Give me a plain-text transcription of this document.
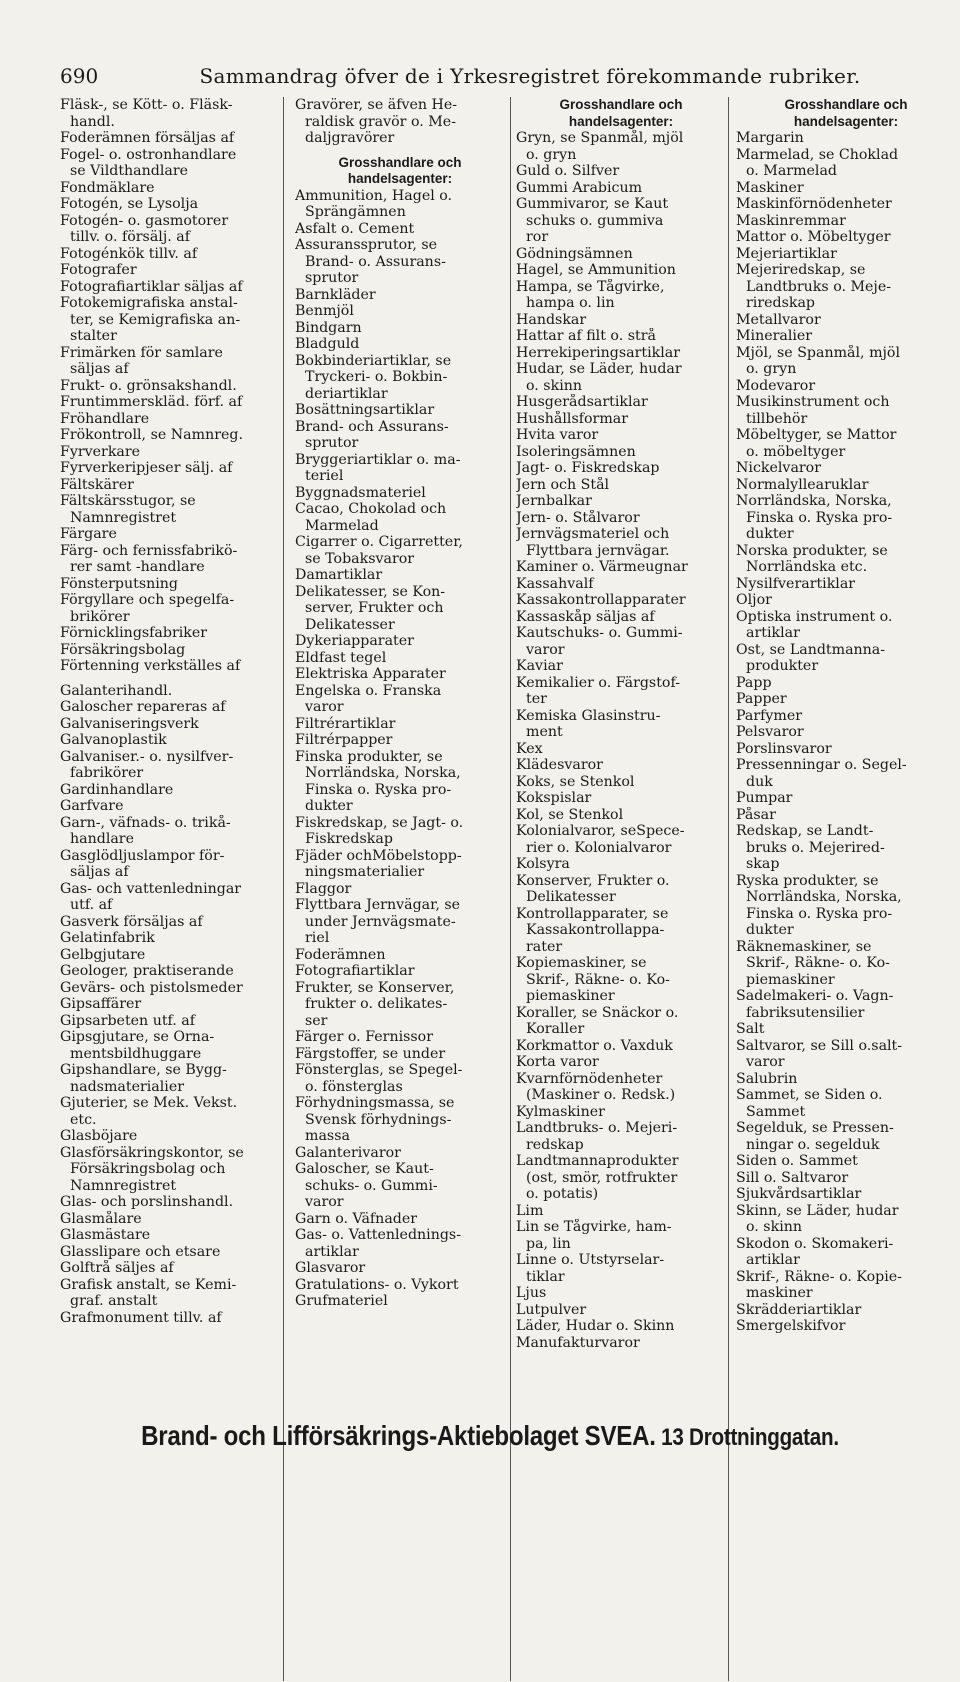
690	Sammandrag öfver de i Yrkesregistret förekommande rubriker.
Fläsk-, se Kött- o. Fläsk-
handl.
Foderämnen försäljas af
Fogel- o. ostronhandlare
se Vildthandlare
Fondmäklare
Fotogén, se Lysolja
Fotogén- o. gasmotorer
tillv. o. försälj. af
Fotogénkök tillv. af
Fotografer
Fotografiartiklar säljas af
Fotokemigrafiska anstal-
ter, se Kemigrafiska an-
stalter
Frimärken för samlare
säljas af
Frukt- o. grönsakshandl.
Fruntimmerskläd. förf. af
Fröhandlare
Frökontroll, se Namnreg.
Fyrverkare
Fyrverkeripjeser sälj. af
Fältskärer
Fältskärsstugor, se
Namnregistret
Färgare
Färg- och fernissfabrikö-
rer samt -handlare
Fönsterputsning
Förgyllare och spegelfa-
brikörer
Förnicklingsfabriker
Försäkringsbolag
Förtenning verkställes af
Galanterihandl.
Galoscher repareras af
Galvaniseringsverk
Galvanoplastik
Galvaniser.- o. nysilfver-
fabrikörer
Gardinhandlare
Garfvare
Garn-, väfnads- o. trikå-
handlare
Gasglödljuslampor för-
säljas af
Gas- och vattenledningar
utf. af
Gasverk försäljas af
Gelatinfabrik
Gelbgjutare
Geologer, praktiserande
Gevärs- och pistolsmeder
Gipsaffärer
Gipsarbeten utf. af
Gipsgjutare, se Orna-
mentsbildhuggare
Gipshandlare, se Bygg-
nadsmaterialier
Gjuterier, se Mek. Vekst.
etc.
Glasböjare
Glasförsäkringskontor, se
Försäkringsbolag och
Namnregistret
Glas- och porslinshandl.
Glasmålare
Glasmästare
Glasslipare och etsare
Golftrå säljes af
Grafisk anstalt, se Kemi-
graf. anstalt
Grafmonument tillv. af
Gravörer, se äfven He-
raldisk gravör o. Me-
daljgravörer
Grosshandlare och
handelsagenter:
Ammunition, Hagel o.
Sprängämnen
Asfalt o. Cement
Assuranssprutor, se
Brand- o. Assurans-
sprutor
Barnkläder
Benmjöl
Bindgarn
Bladguld
Bokbinderiartiklar, se
Tryckeri- o. Bokbin-
deriartiklar
Bosättningsartiklar
Brand- och Assurans-
sprutor
Bryggeriartiklar o. ma-
teriel
Byggnadsmateriel
Cacao, Chokolad och
Marmelad
Cigarrer o. Cigarretter,
se Tobaksvaror
Damartiklar
Delikatesser, se Kon-
server, Frukter och
Delikatesser
Dykeriapparater
Eldfast tegel
Elektriska Apparater
Engelska o. Franska
varor
Filtrérartiklar
Filtrérpapper
Finska produkter, se
Norrländska, Norska,
Finska o. Ryska pro-
dukter
Fiskredskap, se Jagt- o.
Fiskredskap
Fjäder ochMöbelstopp-
ningsmaterialier
Flaggor
Flyttbara Jernvägar, se
under Jernvägsmate-
riel
Foderämnen
Fotografiartiklar
Frukter, se Konserver,
frukter o. delikates-
ser
Färger o. Fernissor
Färgstoffer, se under
Fönsterglas, se Spegel-
o. fönsterglas
Förhydningsmassa, se
Svensk förhydnings-
massa
Galanterivaror
Galoscher, se Kaut-
schuks- o. Gummi-
varor
Garn o. Väfnader
Gas- o. Vattenlednings-
artiklar
Glasvaror
Gratulations- o. Vykort
Grufmateriel
Grosshandlare och
handelsagenter:
Gryn, se Spanmål, mjöl
o. gryn
Guld o. Silfver
Gummi Arabicum
Gummivaror, se Kaut
schuks o. gummiva
ror
Gödningsämnen
Hagel, se Ammunition
Hampa, se Tågvirke,
hampa o. lin
Handskar
Hattar af filt o. strå
Herrekiperingsartiklar
Hudar, se Läder, hudar
o. skinn
Husgerådsartiklar
Hushållsformar
Hvita varor
Isoleringsämnen
Jagt- o. Fiskredskap
Jern och Stål
Jernbalkar
Jern- o. Stålvaror
Jernvägsmateriel och
Flyttbara jernvägar.
Kaminer o. Värmeugnar
Kassahvalf
Kassakontrollapparater
Kassaskåp säljas af
Kautschuks- o. Gummi-
varor
Kaviar
Kemikalier o. Färgstof-
ter
Kemiska Glasinstru-
ment
Kex
Klädesvaror
Koks, se Stenkol
Kokspislar
Kol, se Stenkol
Kolonialvaror, seSpece-
rier o. Kolonialvaror
Kolsyra
Konserver, Frukter o.
Delikatesser
Kontrollapparater, se
Kassakontrollappa-
rater
Kopiemaskiner, se
Skrif-, Räkne- o. Ko-
piemaskiner
Koraller, se Snäckor o.
Koraller
Korkmattor o. Vaxduk
Korta varor
Kvarnförnödenheter
(Maskiner o. Redsk.)
Kylmaskiner
Landtbruks- o. Mejeri-
redskap
Landtmannaprodukter
(ost, smör, rotfrukter
o. potatis)
Lim
Lin se Tågvirke, ham-
pa, lin
Linne o. Utstyrselar-
tiklar
Ljus
Lutpulver
Läder, Hudar o. Skinn
Manufakturvaror
Grosshandlare och
handelsagenter:
Margarin
Marmelad, se Choklad
o. Marmelad
Maskiner
Maskinförnödenheter
Maskinremmar
Mattor o. Möbeltyger
Mejeriartiklar
Mejeriredskap, se
Landtbruks o. Meje-
riredskap
Metallvaror
Mineralier
Mjöl, se Spanmål, mjöl
o. gryn
Modevaror
Musikinstrument och
tillbehör
Möbeltyger, se Mattor
o. möbeltyger
Nickelvaror
Normalyllearuklar
Norrländska, Norska,
Finska o. Ryska pro-
dukter
Norska produkter, se
Norrländska etc.
Nysilfverartiklar
Oljor
Optiska instrument o.
artiklar
Ost, se Landtmanna-
produkter
Papp
Papper
Parfymer
Pelsvaror
Porslinsvaror
Pressenningar o. Segel-
duk
Pumpar
Påsar
Redskap, se Landt-
bruks o. Mejerired-
skap
Ryska produkter, se
Norrländska, Norska,
Finska o. Ryska pro-
dukter
Räknemaskiner, se
Skrif-, Räkne- o. Ko-
piemaskiner
Sadelmakeri- o. Vagn-
fabriksutensilier
Salt
Saltvaror, se Sill o.salt-
varor
Salubrin
Sammet, se Siden o.
Sammet
Segelduk, se Pressen-
ningar o. segelduk
Siden o. Sammet
Sill o. Saltvaror
Sjukvårdsartiklar
Skinn, se Läder, hudar
o. skinn
Skodon o. Skomakeri-
artiklar
Skrif-, Räkne- o. Kopie-
maskiner
Skrädderiartiklar
Smergelskifvor
Brand- och Lifförsäkrings-Aktiebolaget SVEA. 13 Drottninggatan.
